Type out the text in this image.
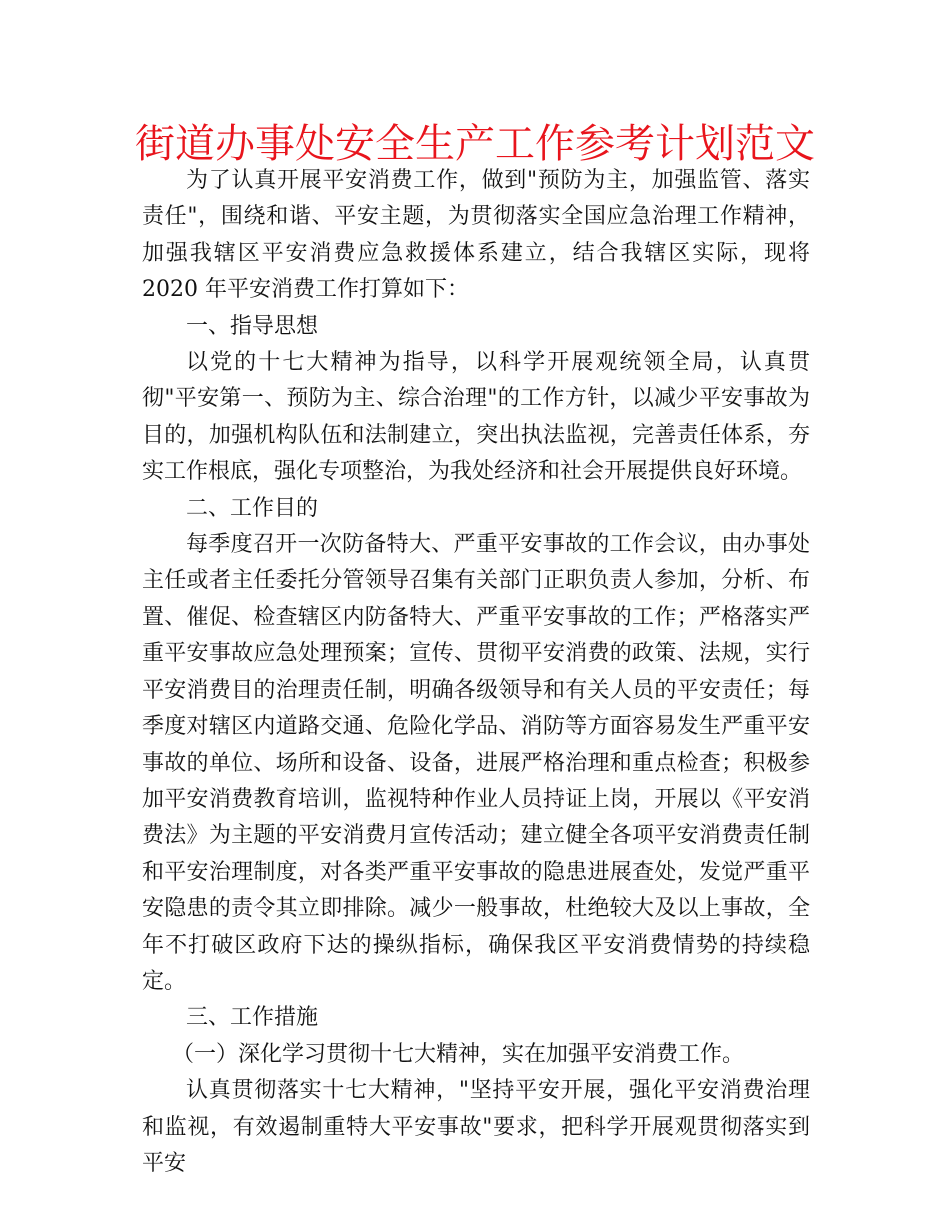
街道办事处安全生产工作参考计划范文

为了认真开展平安消费工作，做到"预防为主，加强监管、落实责任"，围绕和谐、平安主题，为贯彻落实全国应急治理工作精神，加强我辖区平安消费应急救援体系建立，结合我辖区实际，现将 2020 年平安消费工作打算如下：

一、指导思想

以党的十七大精神为指导，以科学开展观统领全局，认真贯彻"平安第一、预防为主、综合治理"的工作方针，以减少平安事故为目的，加强机构队伍和法制建立，突出执法监视，完善责任体系，夯实工作根底，强化专项整治，为我处经济和社会开展提供良好环境。

二、工作目的

每季度召开一次防备特大、严重平安事故的工作会议，由办事处主任或者主任委托分管领导召集有关部门正职负责人参加，分析、布置、催促、检查辖区内防备特大、严重平安事故的工作；严格落实严重平安事故应急处理预案；宣传、贯彻平安消费的政策、法规，实行平安消费目的治理责任制，明确各级领导和有关人员的平安责任；每季度对辖区内道路交通、危险化学品、消防等方面容易发生严重平安事故的单位、场所和设备、设备，进展严格治理和重点检查；积极参加平安消费教育培训，监视特种作业人员持证上岗，开展以《平安消费法》为主题的平安消费月宣传活动；建立健全各项平安消费责任制和平安治理制度，对各类严重平安事故的隐患进展查处，发觉严重平安隐患的责令其立即排除。减少一般事故，杜绝较大及以上事故，全年不打破区政府下达的操纵指标，确保我区平安消费情势的持续稳定。

三、工作措施

（一）深化学习贯彻十七大精神，实在加强平安消费工作。

认真贯彻落实十七大精神，"坚持平安开展，强化平安消费治理和监视，有效遏制重特大平安事故"要求，把科学开展观贯彻落实到平安
